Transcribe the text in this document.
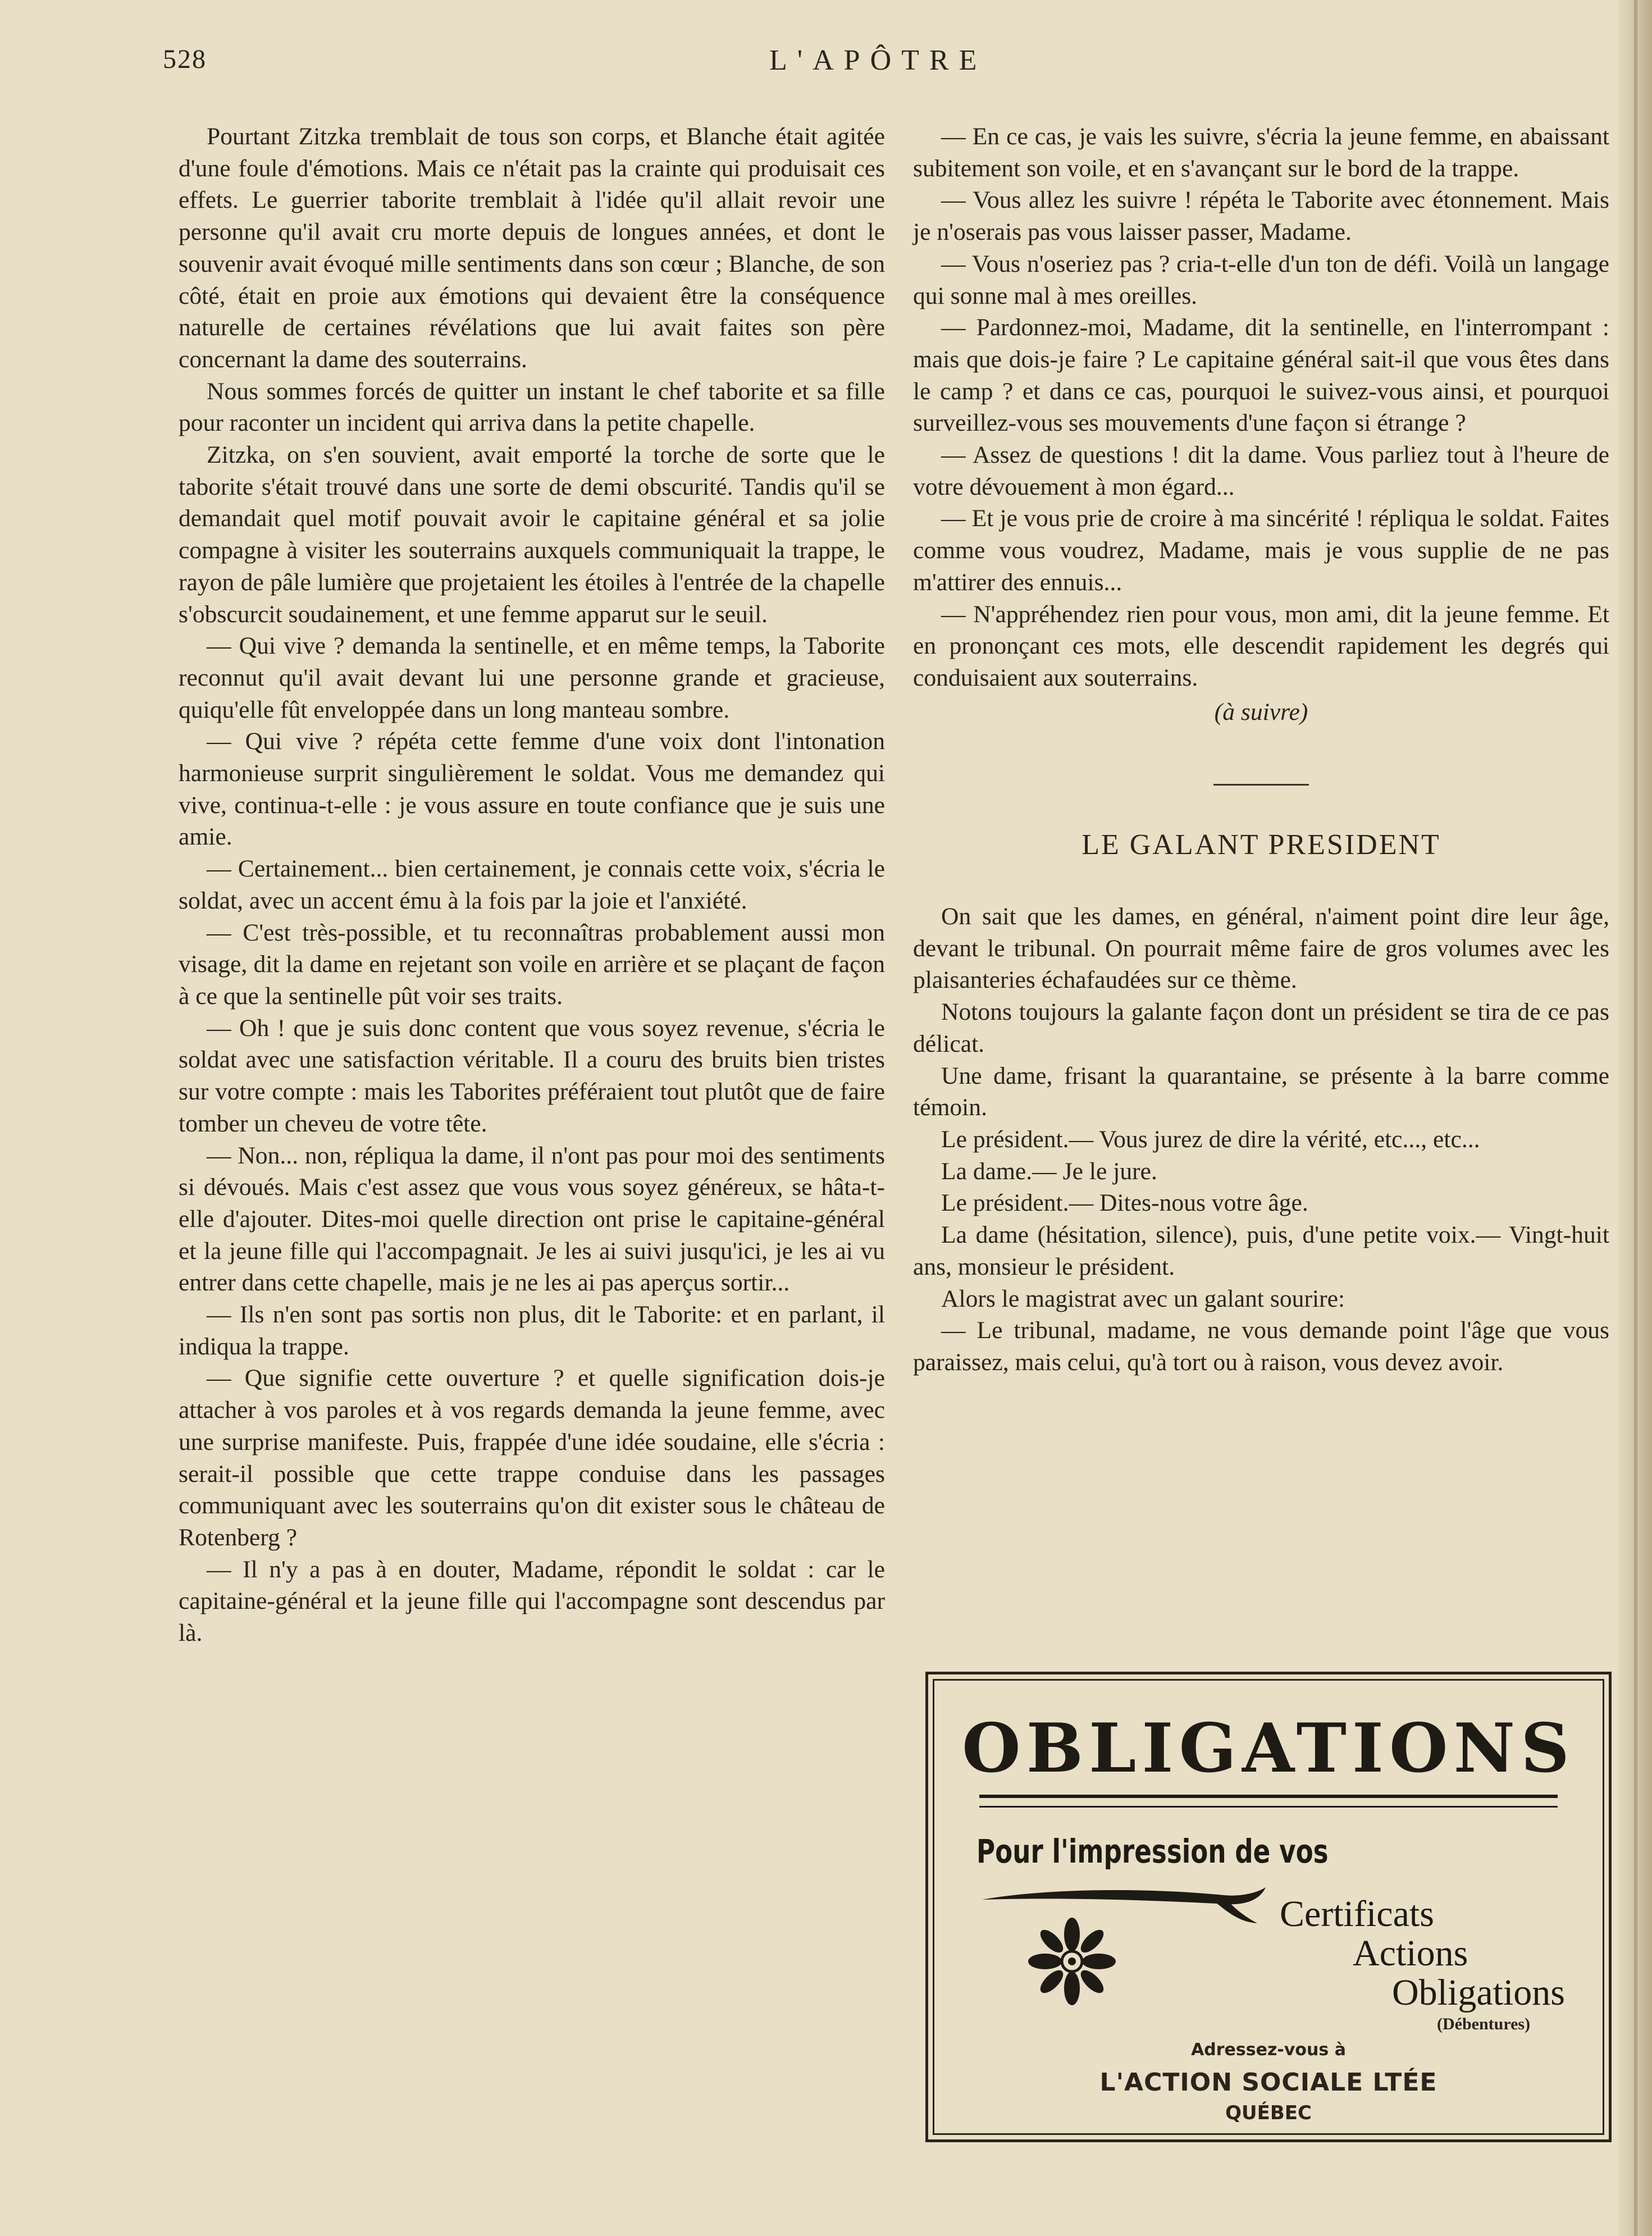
528	L'APÔTRE

Pourtant Zitzka tremblait de tous son corps, et Blanche était agitée d'une foule d'émotions. Mais ce n'était pas la crainte qui produisait ces effets. Le guerrier taborite tremblait à l'idée qu'il allait revoir une personne qu'il avait cru morte depuis de longues années, et dont le souvenir avait évoqué mille sentiments dans son cœur ; Blanche, de son côté, était en proie aux émotions qui devaient être la conséquence naturelle de certaines révélations que lui avait faites son père concernant la dame des souterrains.

Nous sommes forcés de quitter un instant le chef taborite et sa fille pour raconter un incident qui arriva dans la petite chapelle.

Zitzka, on s'en souvient, avait emporté la torche de sorte que le taborite s'était trouvé dans une sorte de demi obscurité. Tandis qu'il se demandait quel motif pouvait avoir le capitaine général et sa jolie compagne à visiter les souterrains auxquels communiquait la trappe, le rayon de pâle lumière que projetaient les étoiles à l'entrée de la chapelle s'obscurcit soudainement, et une femme apparut sur le seuil.

— Qui vive ? demanda la sentinelle, et en même temps, la Taborite reconnut qu'il avait devant lui une personne grande et gracieuse, quiqu'elle fût enveloppée dans un long manteau sombre.

— Qui vive ? répéta cette femme d'une voix dont l'intonation harmonieuse surprit singulièrement le soldat. Vous me demandez qui vive, continua-t-elle : je vous assure en toute confiance que je suis une amie.

— Certainement... bien certainement, je connais cette voix, s'écria le soldat, avec un accent ému à la fois par la joie et l'anxiété.

— C'est très-possible, et tu reconnaîtras probablement aussi mon visage, dit la dame en rejetant son voile en arrière et se plaçant de façon à ce que la sentinelle pût voir ses traits.

— Oh ! que je suis donc content que vous soyez revenue, s'écria le soldat avec une satisfaction véritable. Il a couru des bruits bien tristes sur votre compte : mais les Taborites préféraient tout plutôt que de faire tomber un cheveu de votre tête.

— Non... non, répliqua la dame, il n'ont pas pour moi des sentiments si dévoués. Mais c'est assez que vous vous soyez généreux, se hâta-t-elle d'ajouter. Dites-moi quelle direction ont prise le capitaine-général et la jeune fille qui l'accompagnait. Je les ai suivi jusqu'ici, je les ai vu entrer dans cette chapelle, mais je ne les ai pas aperçus sortir...

— Ils n'en sont pas sortis non plus, dit le Taborite: et en parlant, il indiqua la trappe.

— Que signifie cette ouverture ? et quelle signification dois-je attacher à vos paroles et à vos regards demanda la jeune femme, avec une surprise manifeste. Puis, frappée d'une idée soudaine, elle s'écria : serait-il possible que cette trappe conduise dans les passages communiquant avec les souterrains qu'on dit exister sous le château de Rotenberg ?

— Il n'y a pas à en douter, Madame, répondit le soldat : car le capitaine-général et la jeune fille qui l'accompagne sont descendus par là.

— En ce cas, je vais les suivre, s'écria la jeune femme, en abaissant subitement son voile, et en s'avançant sur le bord de la trappe.

— Vous allez les suivre ! répéta le Taborite avec étonnement. Mais je n'oserais pas vous laisser passer, Madame.

— Vous n'oseriez pas ? cria-t-elle d'un ton de défi. Voilà un langage qui sonne mal à mes oreilles.

— Pardonnez-moi, Madame, dit la sentinelle, en l'interrompant : mais que dois-je faire ? Le capitaine général sait-il que vous êtes dans le camp ? et dans ce cas, pourquoi le suivez-vous ainsi, et pourquoi surveillez-vous ses mouvements d'une façon si étrange ?

— Assez de questions ! dit la dame. Vous parliez tout à l'heure de votre dévouement à mon égard...

— Et je vous prie de croire à ma sincérité ! répliqua le soldat. Faites comme vous voudrez, Madame, mais je vous supplie de ne pas m'attirer des ennuis...

— N'appréhendez rien pour vous, mon ami, dit la jeune femme. Et en prononçant ces mots, elle descendit rapidement les degrés qui conduisaient aux souterrains.

(à suivre)

LE GALANT PRESIDENT

On sait que les dames, en général, n'aiment point dire leur âge, devant le tribunal. On pourrait même faire de gros volumes avec les plaisanteries échafaudées sur ce thème.

Notons toujours la galante façon dont un président se tira de ce pas délicat.

Une dame, frisant la quarantaine, se présente à la barre comme témoin.

Le président.— Vous jurez de dire la vérité, etc..., etc...

La dame.— Je le jure.

Le président.— Dites-nous votre âge.

La dame (hésitation, silence), puis, d'une petite voix.— Vingt-huit ans, monsieur le président.

Alors le magistrat avec un galant sourire:

— Le tribunal, madame, ne vous demande point l'âge que vous paraissez, mais celui, qu'à tort ou à raison, vous devez avoir.

OBLIGATIONS
Pour l'impression de vos
Certificats
Actions
Obligations
(Débentures)
Adressez-vous à
L'ACTION SOCIALE LTÉE
QUÉBEC
